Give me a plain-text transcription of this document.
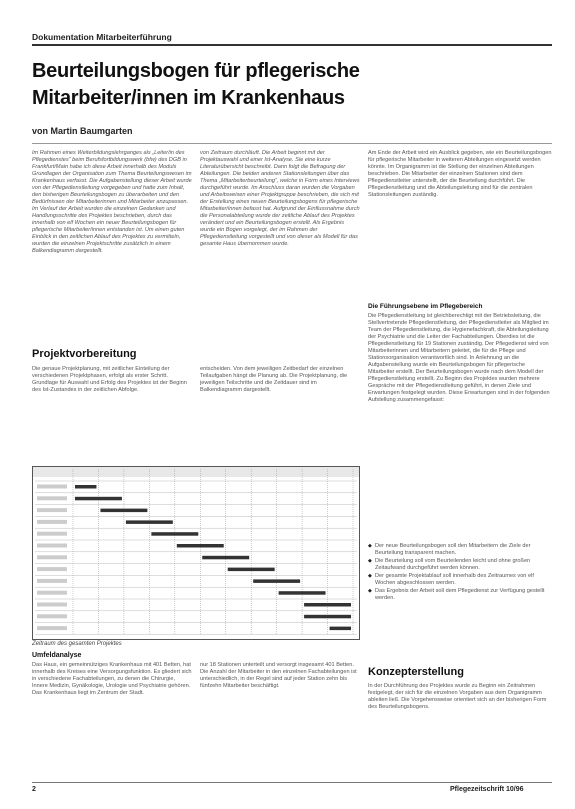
Dokumentation Mitarbeiterführung
Beurteilungsbogen für pflegerische
Mitarbeiter/innen im Krankenhaus
von Martin Baumgarten

Im Rahmen eines Weiterbildungslehrganges als „Leiter/in des Pflegedienstes“ beim Berufsfortbildungswerk (bfw) des DGB in Frankfurt/Main habe ich diese Arbeit innerhalb des Moduls Grundlagen der Organisation zum Thema Beurteilungswesen im Krankenhaus verfasst. Die Aufgabenstellung dieser Arbeit wurde von der Pflegedienstleitung vorgegeben und hatte zum Inhalt, den bisherigen Beurteilungsbogen zu überarbeiten und den Bedürfnissen der Mitarbeiterinnen und Mitarbeiter anzupassen. Im Verlauf der Arbeit wurden die einzelnen Gedanken und Handlungsschritte des Projektes beschrieben, durch das innerhalb von elf Wochen ein neuer Beurteilungsbogen für pflegerische Mitarbeiter/innen entstanden ist. Um einen guten Einblick in den zeitlichen Ablauf des Projektes zu vermitteln, wurden die einzelnen Projektschritte zusätzlich in einem Balkendiagramm dargestellt.

von Zeitraum durchläuft. Die Arbeit beginnt mit der Projektauswahl und einer Ist-Analyse. Sie eine kurze Literaturübersicht beschreibt. Dann folgt die Befragung der Abteilungen. Die beiden anderen Stationsleitungen über das Thema „Mitarbeiterbeurteilung“, welche in Form eines Interviews durchgeführt wurde. Im Anschluss daran wurden die Vorgaben und Arbeitsweisen einer Projektgruppe beschrieben, die sich mit der Erstellung eines neuen Beurteilungsbogens für pflegerische Mitarbeiter/innen befasst hat. Aufgrund der Einflussnahme durch die Personalabteilung wurde der zeitliche Ablauf des Projektes verändert und ein Beurteilungsbogen erstellt. Als Ergebnis wurde ein Bogen vorgelegt, der im Rahmen der Pflegedienstleitung vorgestellt und von dieser als Modell für das gesamte Haus übernommen wurde.

Am Ende der Arbeit wird ein Ausblick gegeben, wie ein Beurteilungsbogen für pflegerische Mitarbeiter in weiteren Abteilungen eingesetzt werden könnte. Im Organigramm ist die Stellung der einzelnen Abteilungen beschrieben. Die Mitarbeiter der einzelnen Stationen sind dem Pflegedienstleiter unterstellt, der die Beurteilung durchführt. Die Pflegedienstleitung und die Abteilungsleitung sind für die zentralen Stationsleitungen zuständig.

Die Führungsebene im Pflegebereich

Die Pflegedienstleitung ist gleichberechtigt mit der Betriebsleitung, die Stellvertretende Pflegedienstleitung, der Pflegedienstleiter als Mitglied im Team der Pflegedienstleitung, die Hygienefachkraft, die Abteilungsleitung der Psychiatrie und die Leiter der Fachabteilungen. Überdies ist die Pflegedienstleitung für 19 Stationen zuständig. Der Pflegedienst wird von Mitarbeiterinnen und Mitarbeitern geleitet, die für die Pflege und Stationsorganisation verantwortlich sind. In Anlehnung an die Aufgabenstellung wurde ein Beurteilungsbogen für pflegerische Mitarbeiter erstellt. Der Beurteilungsbogen wurde nach dem Modell der Pflegedienstleitung erstellt. Zu Beginn des Projektes wurden mehrere Gespräche mit der Pflegedienstleitung geführt, in denen Ziele und Erwartungen festgelegt wurden. Diese Erwartungen sind in der folgenden Aufstellung zusammengefasst:

◆ Der neue Beurteilungsbogen soll den Mitarbeitern die Ziele der Beurteilung transparent machen.
◆ Die Beurteilung soll vom Beurteilenden leicht und ohne großen Zeitaufwand durchgeführt werden können.
◆ Der gesamte Projektablauf soll innerhalb des Zeitraumes von elf Wochen abgeschlossen werden.
◆ Das Ergebnis der Arbeit soll dem Pflegedienst zur Verfügung gestellt werden.
Konzepterstellung

In der Durchführung des Projektes wurde zu Beginn ein Zeitrahmen festgelegt, der sich für die einzelnen Vorgaben aus dem Organigramm ableiten ließ. Die Vorgehensweise orientiert sich an der bisherigen Form des Beurteilungsbogens.

Projektvorbereitung

Die genaue Projektplanung, mit zeitlicher Einteilung der verschiedenen Projektphasen, erfolgt als erster Schritt. Grundlage für Auswahl und Erfolg des Projektes ist der Beginn des Ist-Zustandes in der zeitlichen Abfolge.

entscheiden. Von dem jeweiligen Zeitbedarf der einzelnen Teilaufgaben hängt die Planung ab. Die Projektplanung, die jeweiligen Teilschritte und die Zeitdauer sind im Balkendiagramm dargestellt.

Zeitraum des gesamten Projektes
Umfeldanalyse

Das Haus, ein gemeinnütziges Krankenhaus mit 401 Betten, hat innerhalb des Kreises eine Versorgungsfunktion. Es gliedert sich in verschiedene Fachabteilungen, zu denen die Chirurgie, Innere Medizin, Gynäkologie, Urologie und Psychiatrie gehören. Das Krankenhaus liegt im Zentrum der Stadt.

nur 18 Stationen unterteilt und versorgt insgesamt 401 Betten. Die Anzahl der Mitarbeiter in den einzelnen Fachabteilungen ist unterschiedlich, in der Regel sind auf jeder Station zehn bis fünfzehn Mitarbeiter beschäftigt.

2	Pflegezeitschrift 10/96
